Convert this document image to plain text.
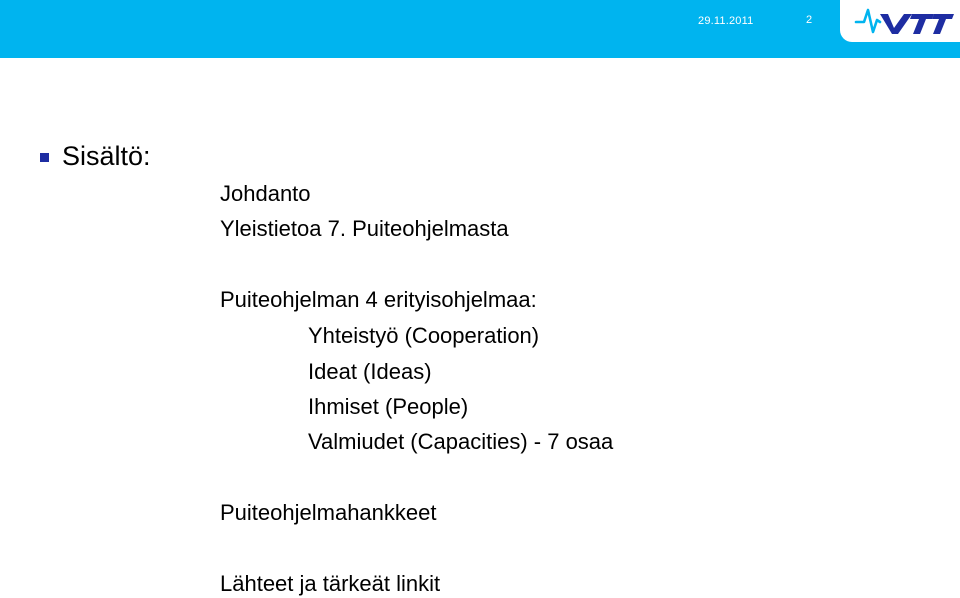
29.11.2011	2
Sisältö:
Johdanto
Yleistietoa 7. Puiteohjelmasta
Puiteohjelman 4 erityisohjelmaa:
Yhteistyö (Cooperation)
Ideat (Ideas)
Ihmiset (People)
Valmiudet (Capacities) - 7 osaa
Puiteohjelmahankkeet
Lähteet ja tärkeät linkit
